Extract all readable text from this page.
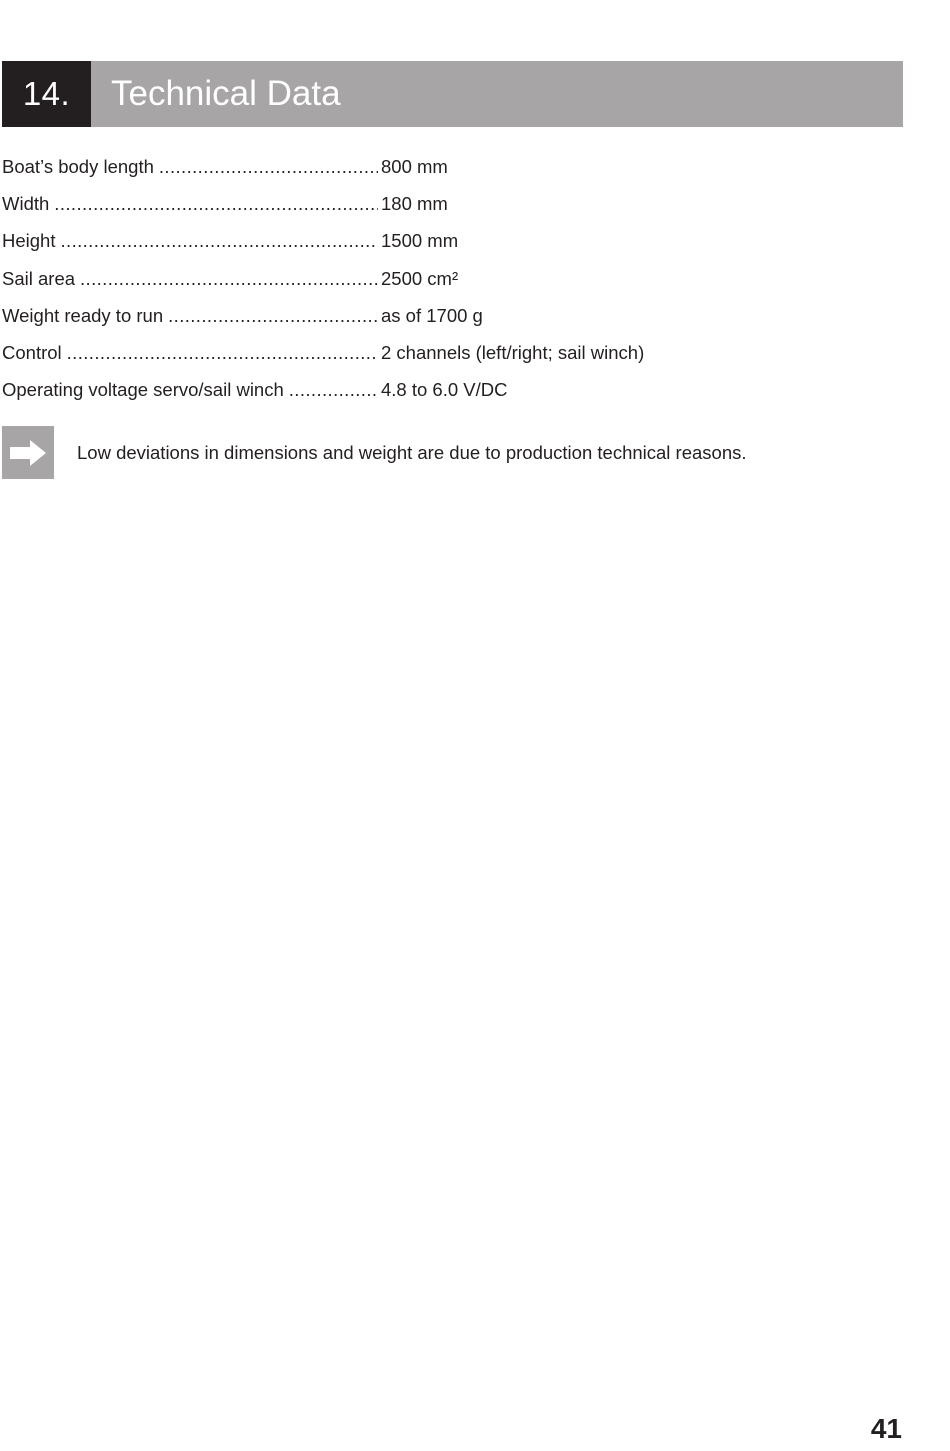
14.	Technical Data
Boat’s body length .....	800 mm
Width .....	180 mm
Height .....	1500 mm
Sail area .....	2500 cm²
Weight ready to run .....	as of 1700 g
Control .....	2 channels (left/right; sail winch)
Operating voltage servo/sail winch .....	4.8 to 6.0 V/DC
Low deviations in dimensions and weight are due to production technical reasons.
41
